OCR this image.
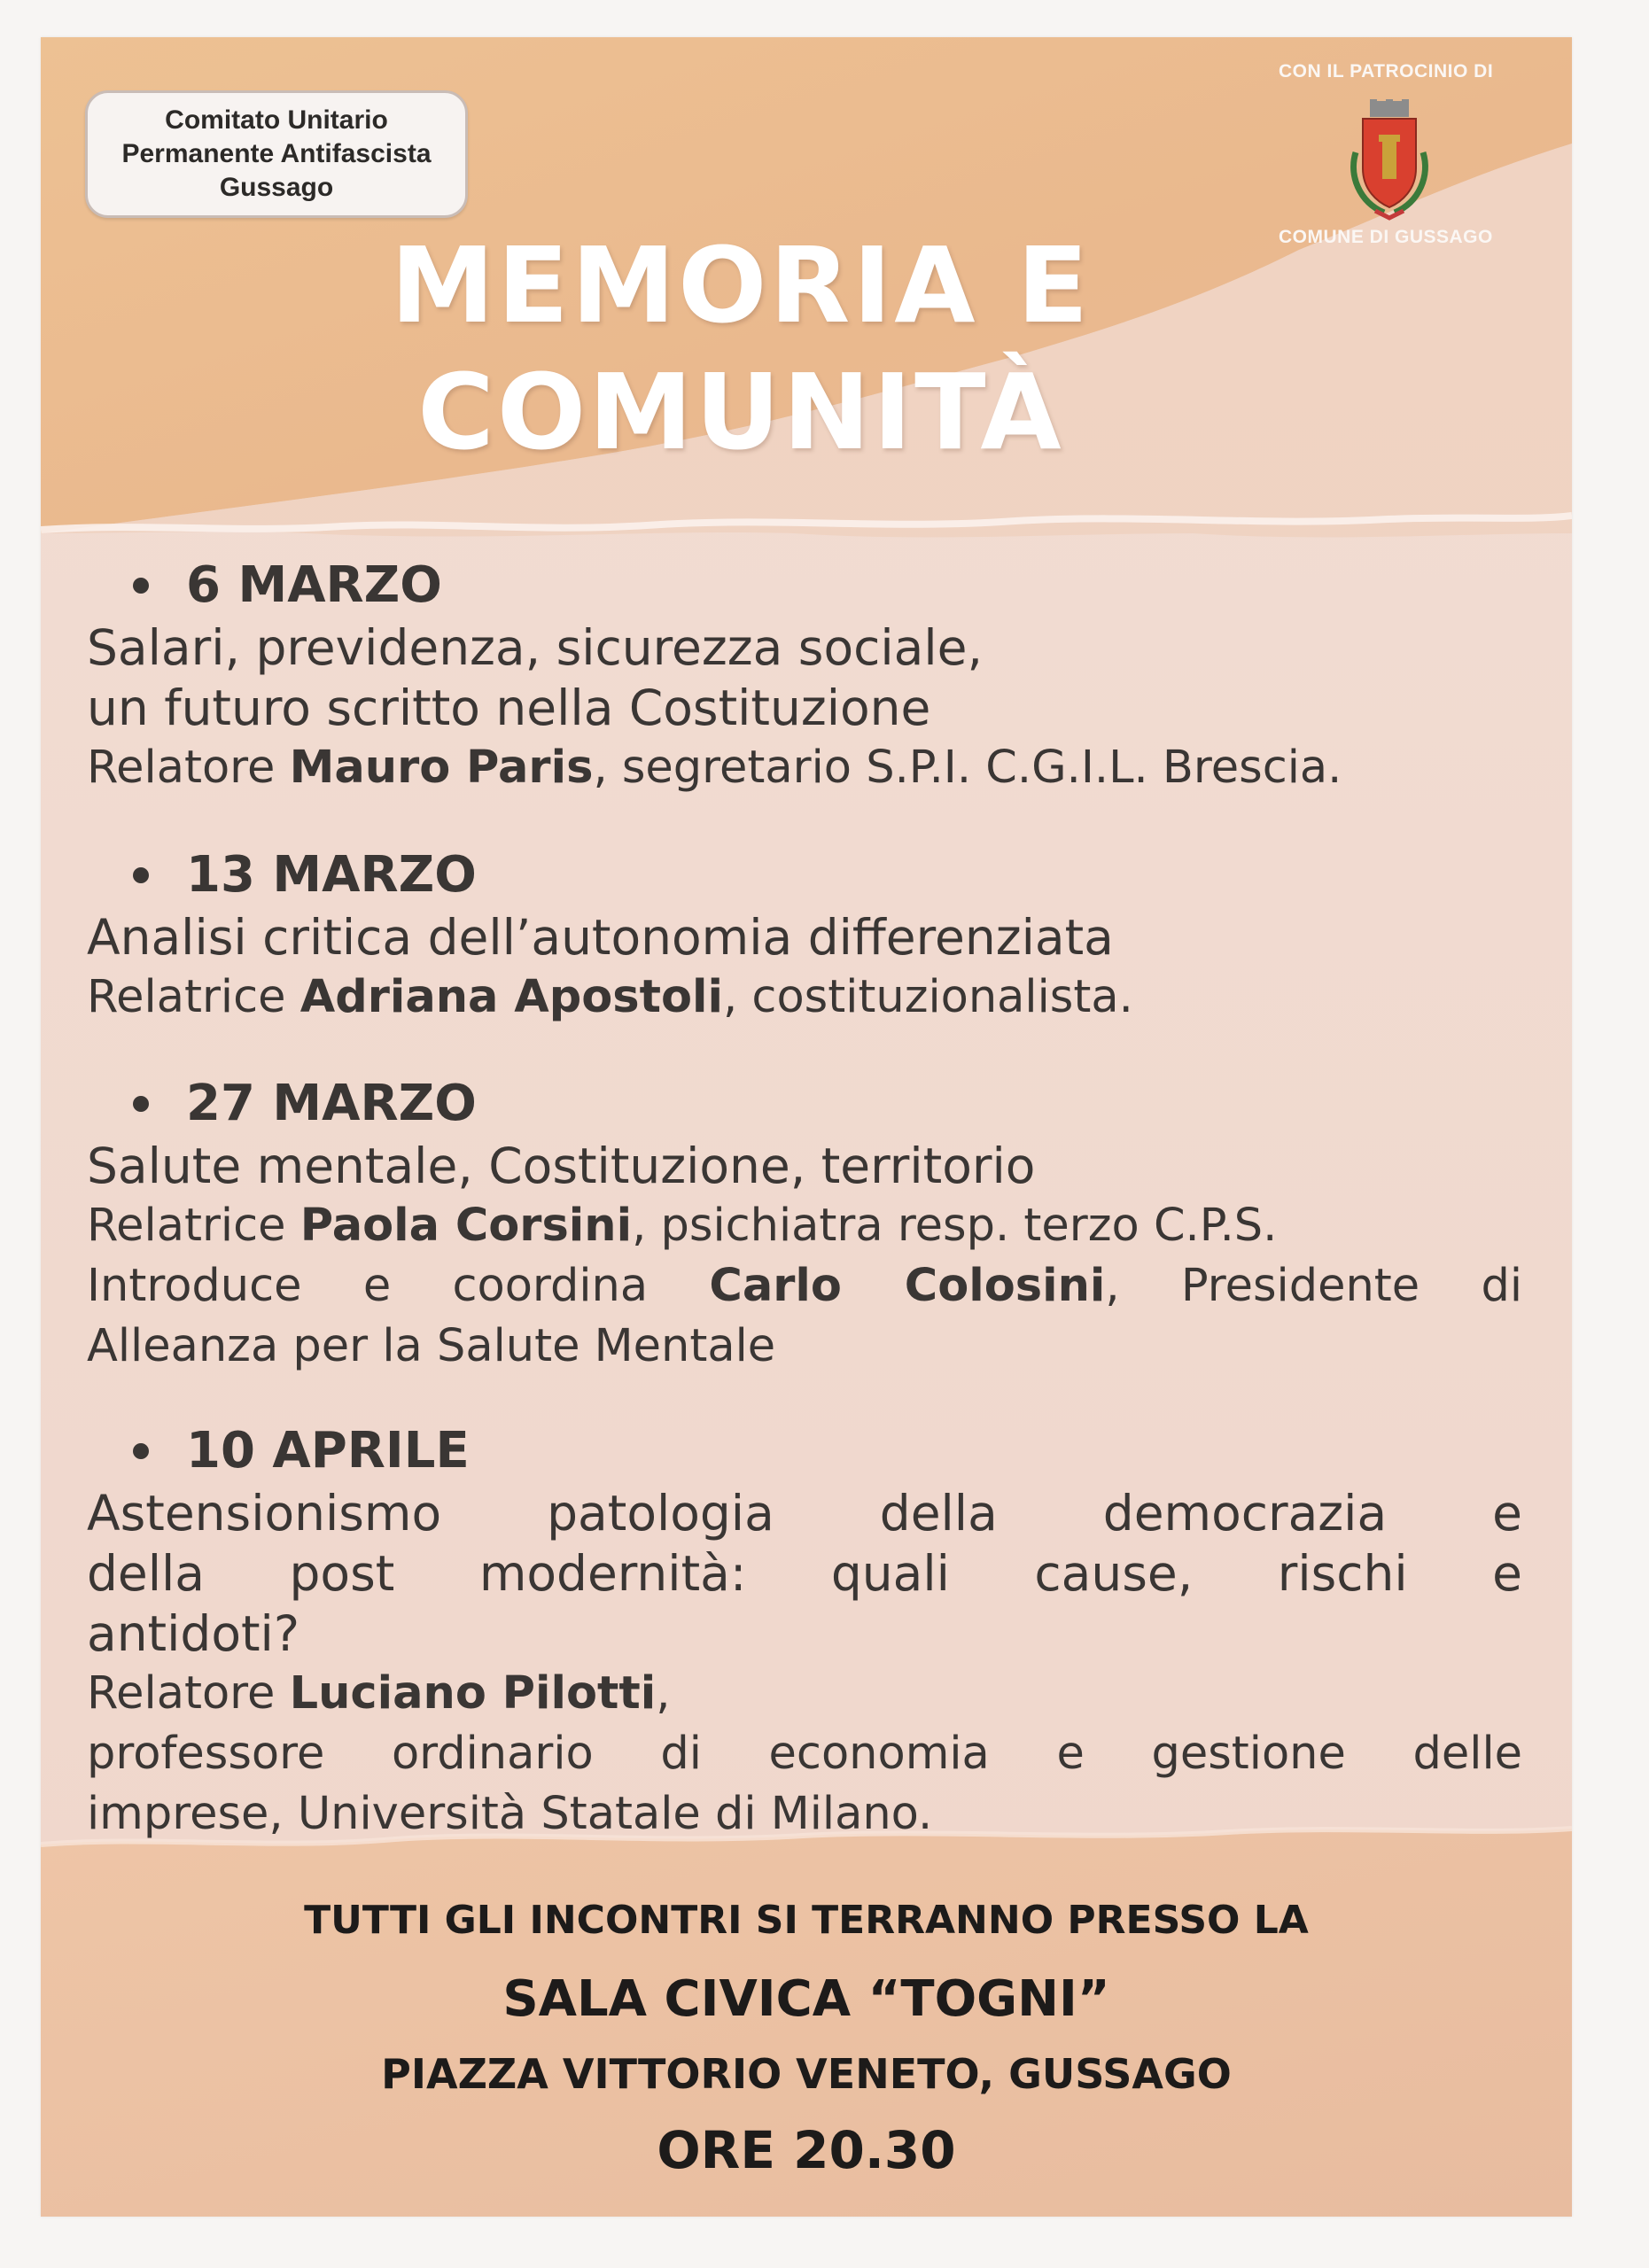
Comitato Unitario
Permanente Antifascista
Gussago
CON IL PATROCINIO DI
COMUNE DI GUSSAGO
MEMORIA E
COMUNITÀ
6 MARZO
Salari, previdenza, sicurezza sociale,
un futuro scritto nella Costituzione
Relatore Mauro Paris, segretario S.P.I. C.G.I.L. Brescia.
13 MARZO
Analisi critica dell’autonomia differenziata
Relatrice Adriana Apostoli, costituzionalista.
27 MARZO
Salute mentale, Costituzione, territorio
Relatrice Paola Corsini, psichiatra resp. terzo C.P.S.
Introduce e coordina Carlo Colosini, Presidente di
Alleanza per la Salute Mentale
10 APRILE
Astensionismo patologia della democrazia e
della post modernità: quali cause, rischi e
antidoti?
Relatore Luciano Pilotti,
professore ordinario di economia e gestione delle
imprese, Università Statale di Milano.
TUTTI GLI INCONTRI SI TERRANNO PRESSO LA
SALA CIVICA “TOGNI”
PIAZZA VITTORIO VENETO, GUSSAGO
ORE 20.30
